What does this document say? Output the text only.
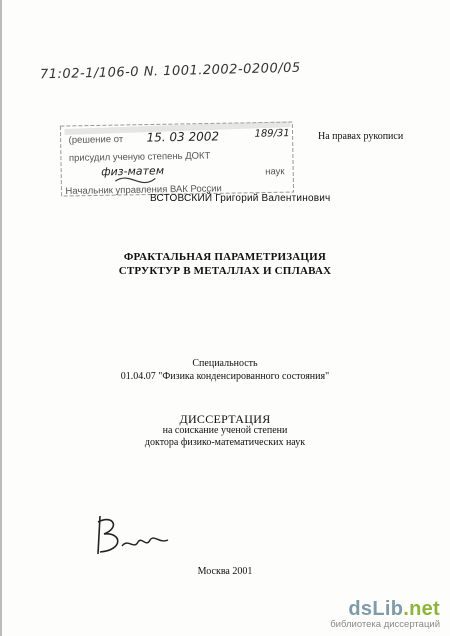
71:02-1/106-0 N. 1001.2002-0200/05
(решение от 15. 03 2002	189/31
присудил ученую степень ДОКТ
физ-матем	наук
Начальник управления ВАК России
На правах рукописи
ВСТОВСКИЙ Григорий Валентинович
ФРАКТАЛЬНАЯ ПАРАМЕТРИЗАЦИЯ
СТРУКТУР В МЕТАЛЛАХ И СПЛАВАХ
Специальность
01.04.07 "Физика конденсированного состояния"
ДИССЕРТАЦИЯ
на соискание ученой степени
доктора физико-математических наук
Москва 2001
dsLib.net
библиотека диссертаций
